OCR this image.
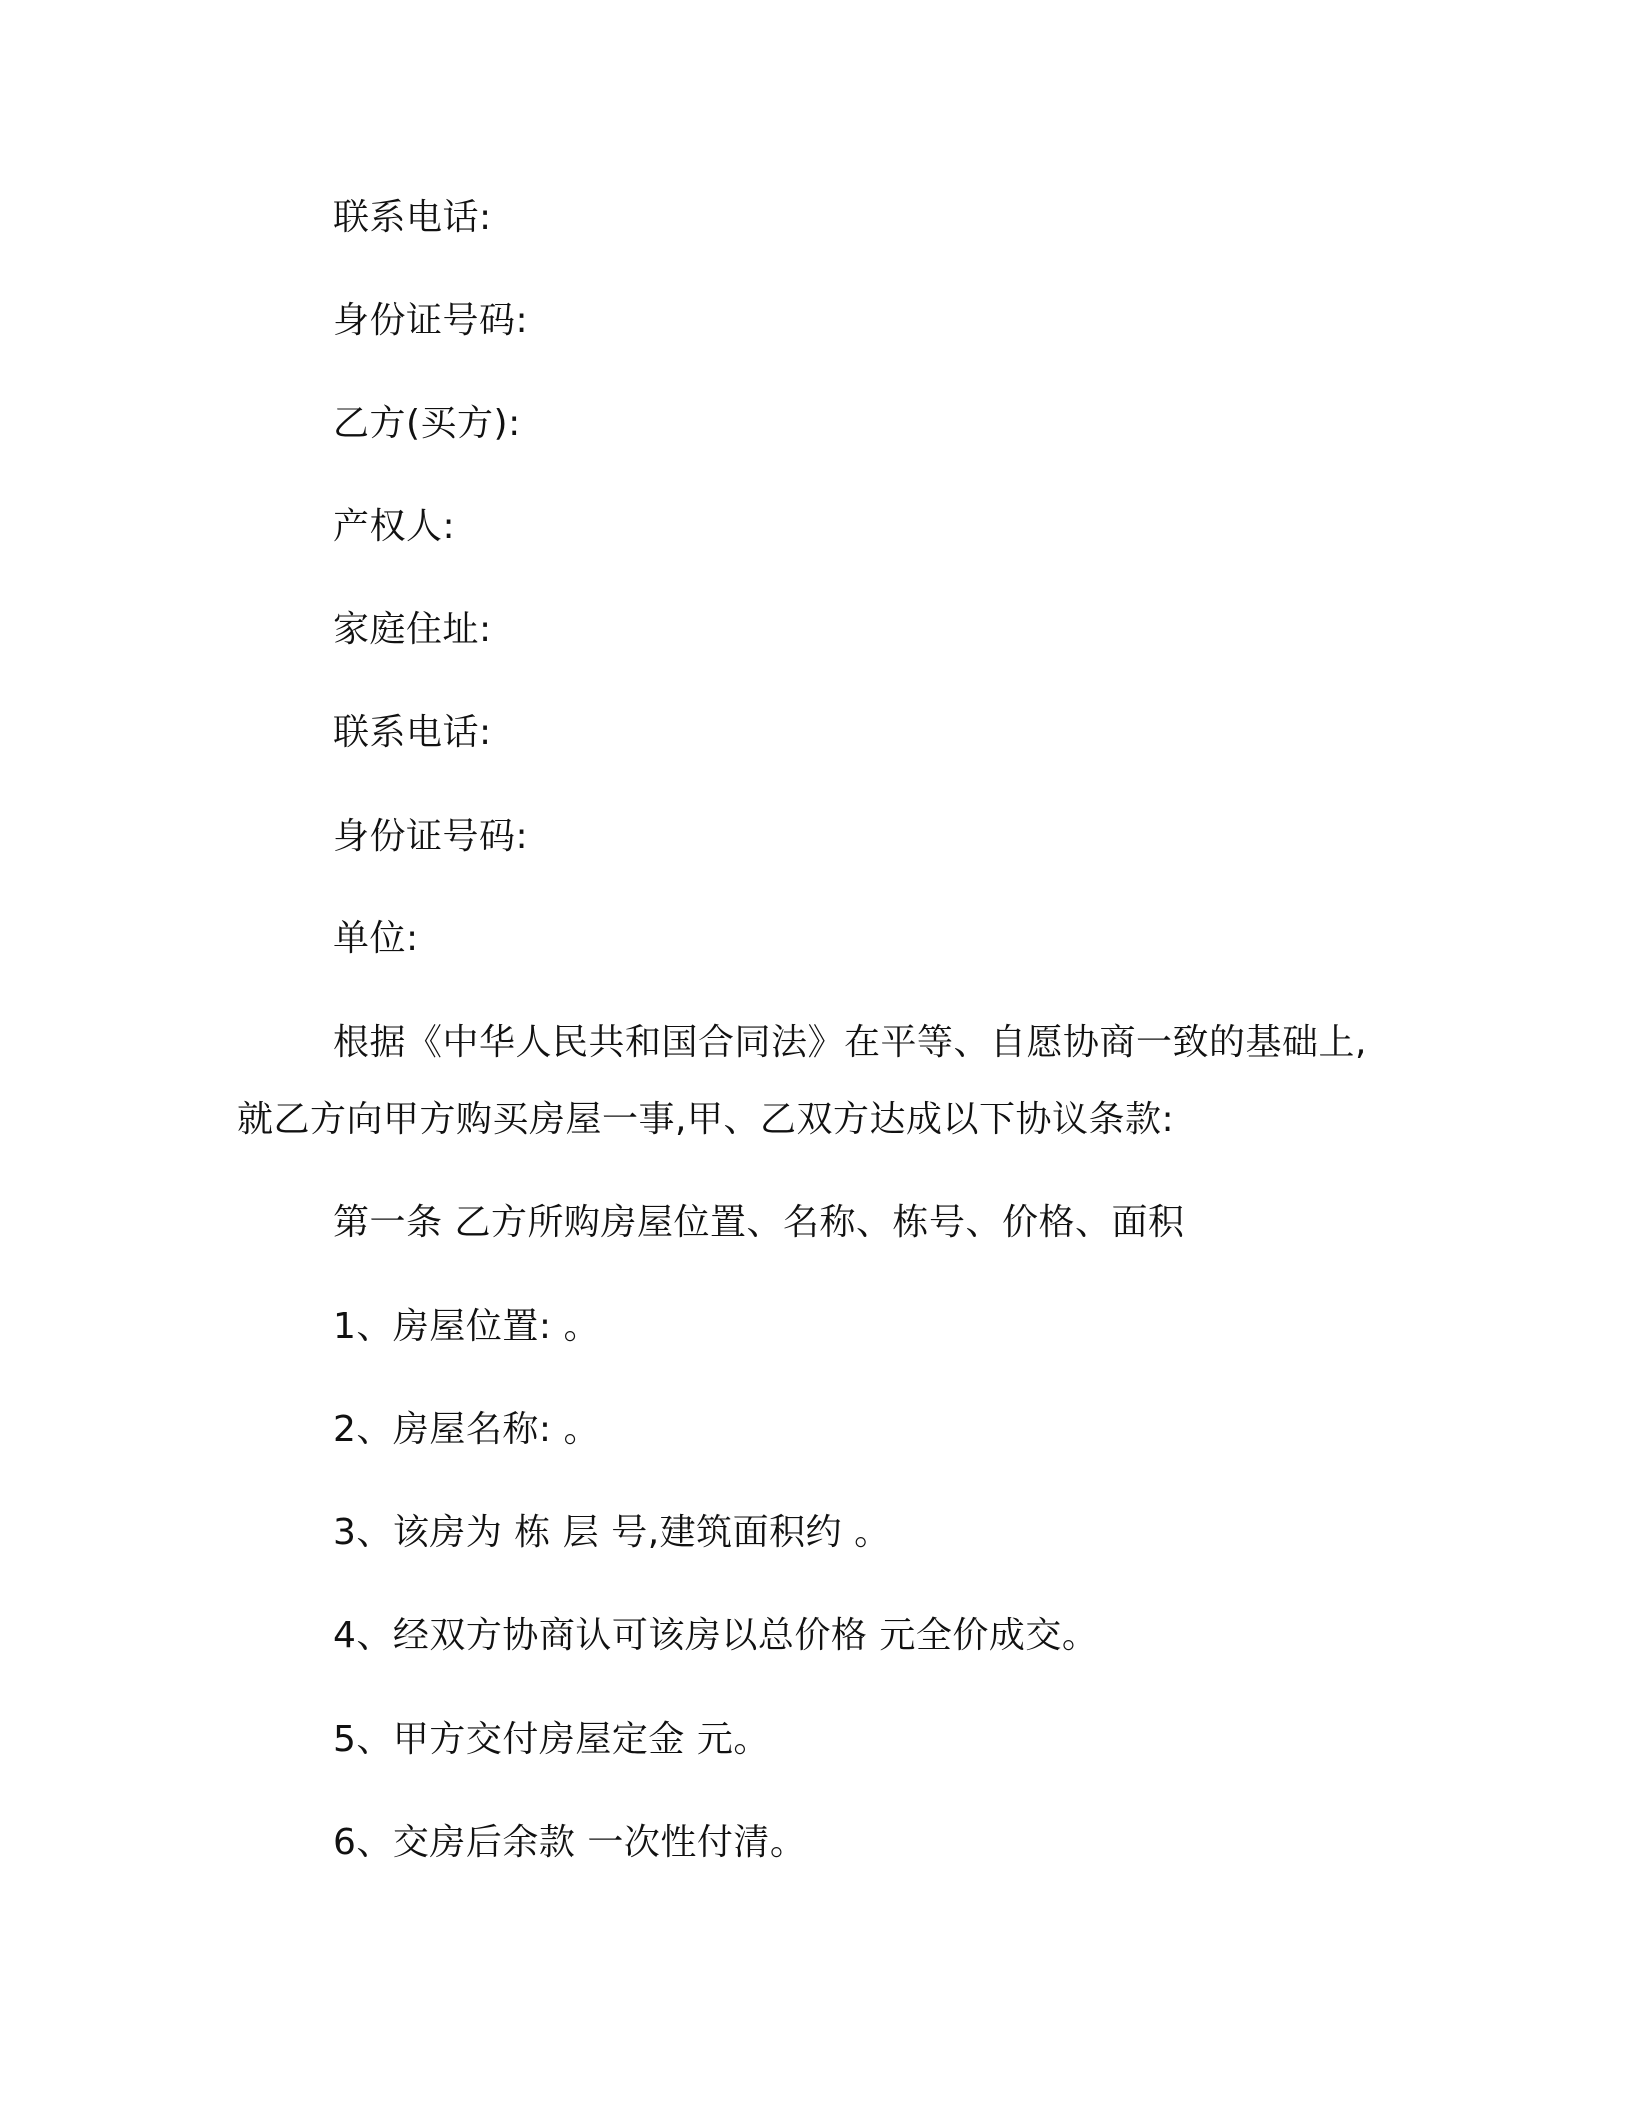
联系电话:
身份证号码:
乙方(买方):
产权人:
家庭住址:
联系电话:
身份证号码:
单位:
根据《中华人民共和国合同法》在平等、自愿协商一致的基础上,
就乙方向甲方购买房屋一事,甲、乙双方达成以下协议条款:
第一条 乙方所购房屋位置、名称、栋号、价格、面积
1、房屋位置: 。
2、房屋名称: 。
3、该房为 栋 层 号,建筑面积约 。
4、经双方协商认可该房以总价格 元全价成交。
5、甲方交付房屋定金 元。
6、交房后余款 一次性付清。
